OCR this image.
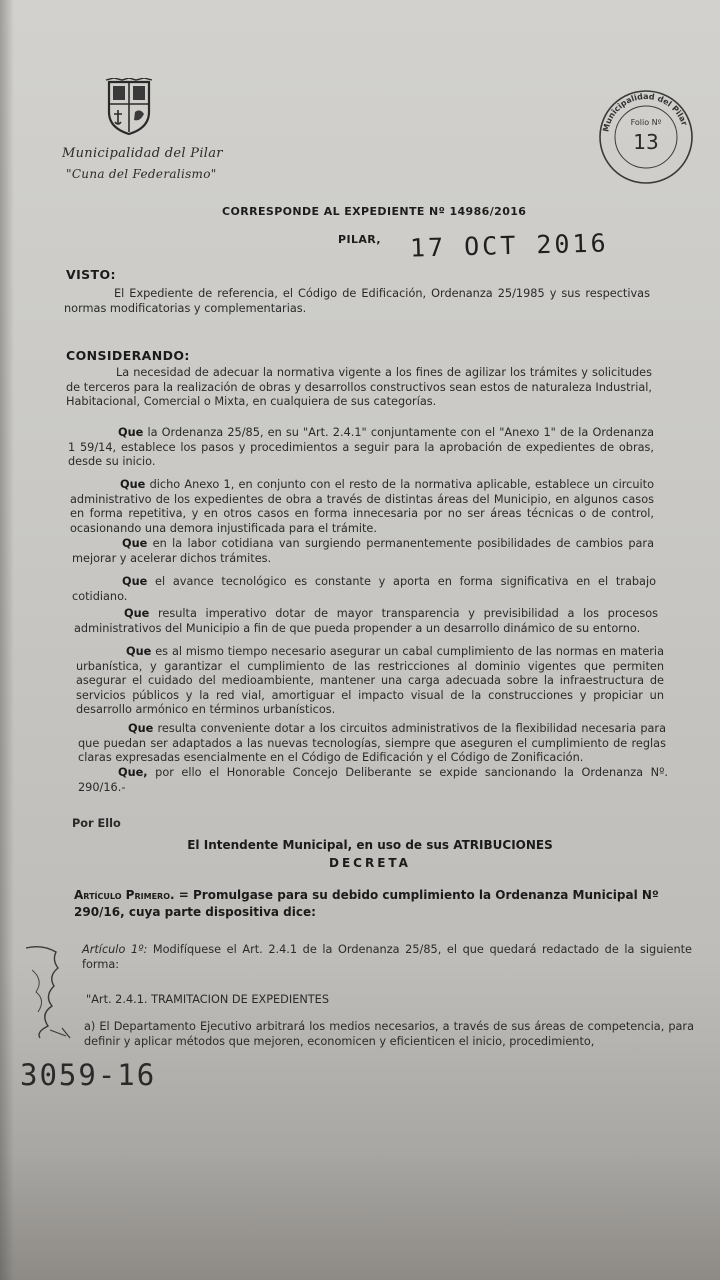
Municipalidad del Pilar
"Cuna del Federalismo"
Municipalidad del Pilar
Folio Nº
13
CORRESPONDE AL EXPEDIENTE Nº 14986/2016
PILAR, 17 OCT 2016
VISTO:
El Expediente de referencia, el Código de Edificación, Ordenanza 25/1985 y sus respectivas normas modificatorias y complementarias.
CONSIDERANDO:
La necesidad de adecuar la normativa vigente a los fines de agilizar los trámites y solicitudes de terceros para la realización de obras y desarrollos constructivos sean estos de naturaleza Industrial, Habitacional, Comercial o Mixta, en cualquiera de sus categorías.
Que la Ordenanza 25/85, en su "Art. 2.4.1" conjuntamente con el "Anexo 1" de la Ordenanza 1 59/14, establece los pasos y procedimientos a seguir para la aprobación de expedientes de obras, desde su inicio.
Que dicho Anexo 1, en conjunto con el resto de la normativa aplicable, establece un circuito administrativo de los expedientes de obra a través de distintas áreas del Municipio, en algunos casos en forma repetitiva, y en otros casos en forma innecesaria por no ser áreas técnicas o de control, ocasionando una demora injustificada para el trámite.
Que en la labor cotidiana van surgiendo permanentemente posibilidades de cambios para mejorar y acelerar dichos trámites.
Que el avance tecnológico es constante y aporta en forma significativa en el trabajo cotidiano.
Que resulta imperativo dotar de mayor transparencia y previsibilidad a los procesos administrativos del Municipio a fin de que pueda propender a un desarrollo dinámico de su entorno.
Que es al mismo tiempo necesario asegurar un cabal cumplimiento de las normas en materia urbanística, y garantizar el cumplimiento de las restricciones al dominio vigentes que permiten asegurar el cuidado del medioambiente, mantener una carga adecuada sobre la infraestructura de servicios públicos y la red vial, amortiguar el impacto visual de la construcciones y propiciar un desarrollo armónico en términos urbanísticos.
Que resulta conveniente dotar a los circuitos administrativos de la flexibilidad necesaria para que puedan ser adaptados a las nuevas tecnologías, siempre que aseguren el cumplimiento de reglas claras expresadas esencialmente en el Código de Edificación y el Código de Zonificación.
Que, por ello el Honorable Concejo Deliberante se expide sancionando la Ordenanza Nº. 290/16.-
Por Ello
El Intendente Municipal, en uso de sus ATRIBUCIONES
DECRETA
Artículo Primero. = Promulgase para su debido cumplimiento la Ordenanza Municipal Nº 290/16, cuya parte dispositiva dice:
Artículo 1º: Modifíquese el Art. 2.4.1 de la Ordenanza 25/85, el que quedará redactado de la siguiente forma:
"Art. 2.4.1. TRAMITACION DE EXPEDIENTES
a) El Departamento Ejecutivo arbitrará los medios necesarios, a través de sus áreas de competencia, para definir y aplicar métodos que mejoren, economicen y eficienticen el inicio, procedimiento,
3059-16
